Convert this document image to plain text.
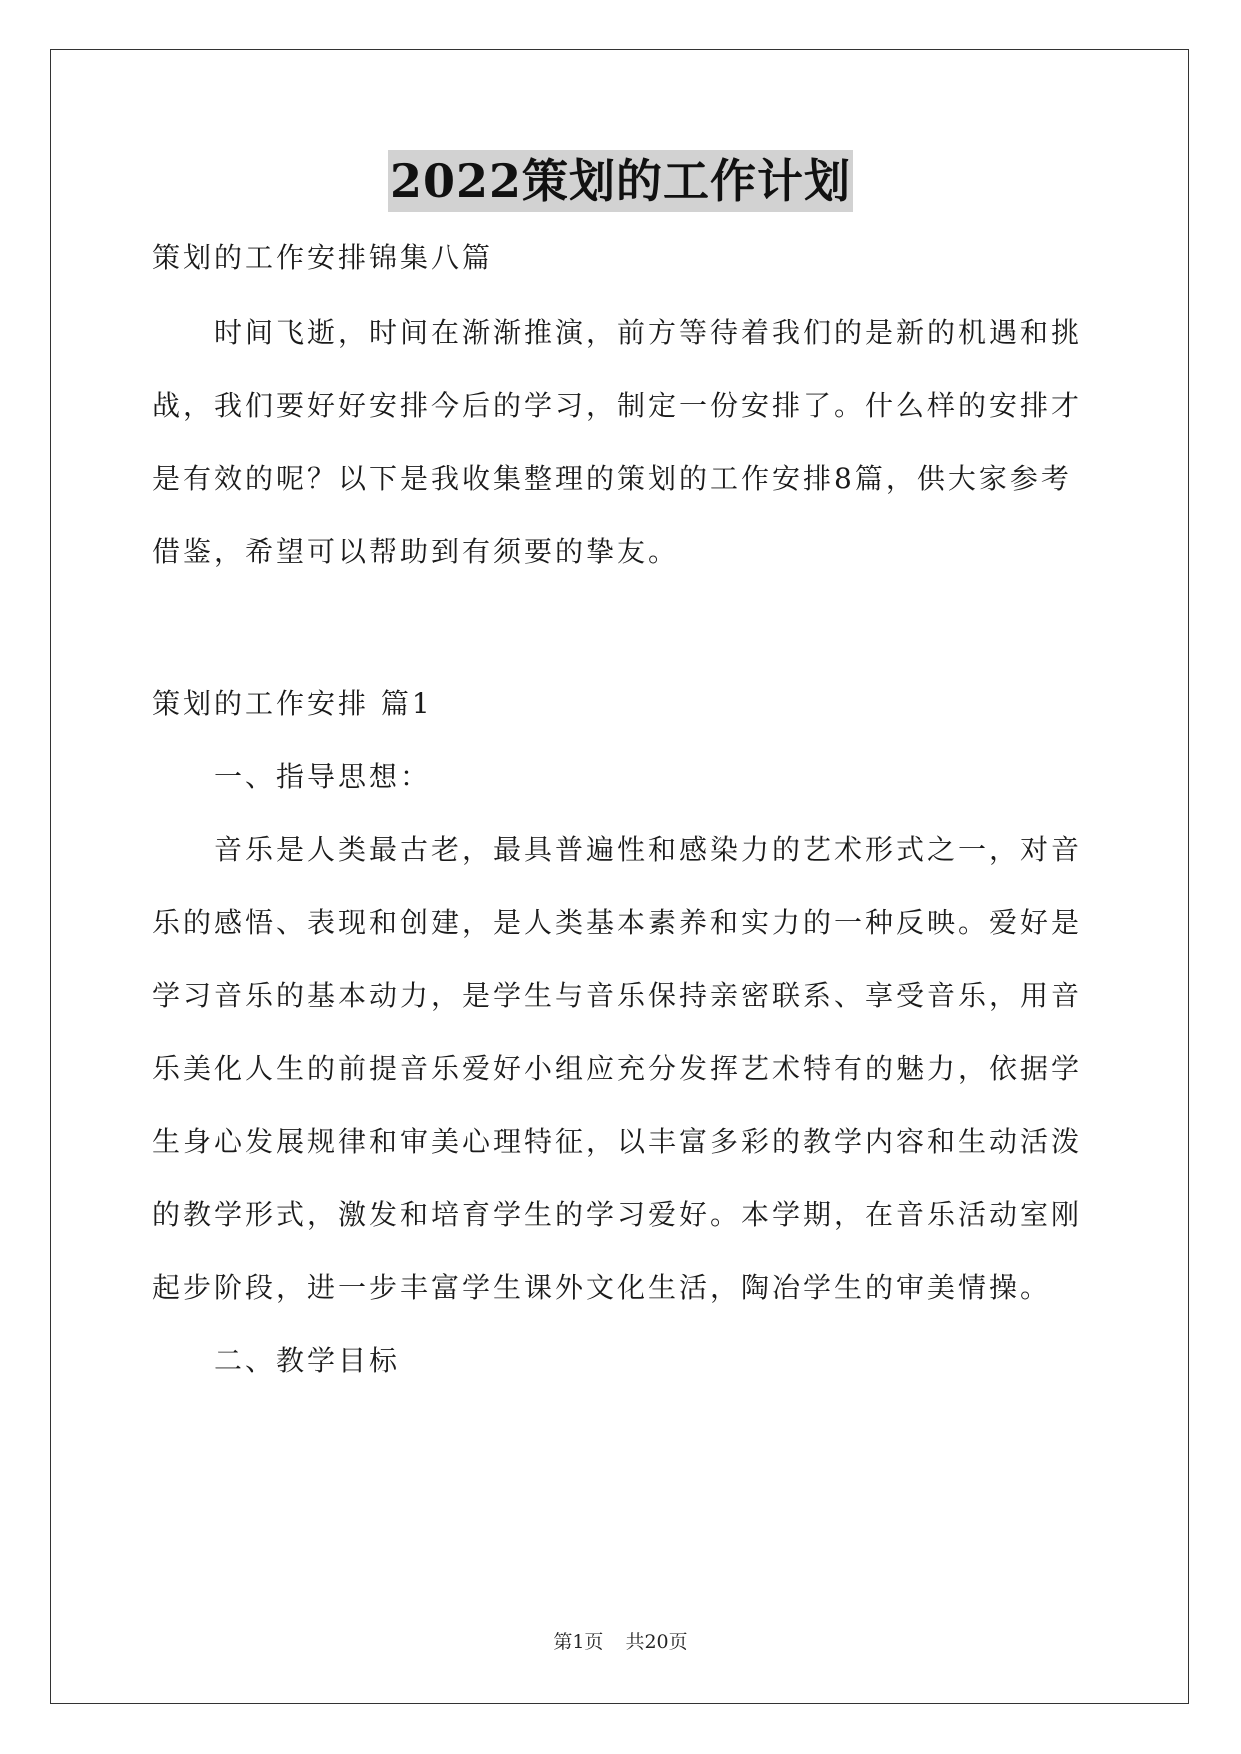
2022策划的工作计划
策划的工作安排锦集八篇
时间飞逝，时间在渐渐推演，前方等待着我们的是新的机遇和挑
战，我们要好好安排今后的学习，制定一份安排了。什么样的安排才
是有效的呢？以下是我收集整理的策划的工作安排8篇，供大家参考
借鉴，希望可以帮助到有须要的挚友。
策划的工作安排 篇1
一、指导思想：
音乐是人类最古老，最具普遍性和感染力的艺术形式之一，对音
乐的感悟、表现和创建，是人类基本素养和实力的一种反映。爱好是
学习音乐的基本动力，是学生与音乐保持亲密联系、享受音乐，用音
乐美化人生的前提音乐爱好小组应充分发挥艺术特有的魅力，依据学
生身心发展规律和审美心理特征，以丰富多彩的教学内容和生动活泼
的教学形式，激发和培育学生的学习爱好。本学期，在音乐活动室刚
起步阶段，进一步丰富学生课外文化生活，陶冶学生的审美情操。
二、教学目标
第1页 共20页
